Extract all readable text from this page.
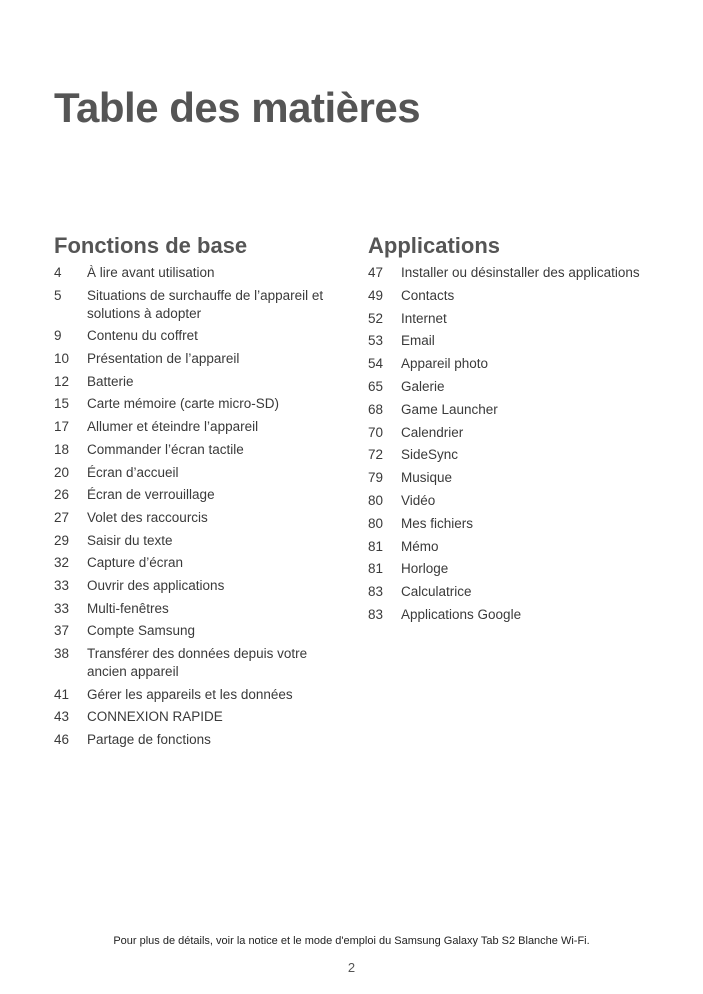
Table des matières
Fonctions de base
4	À lire avant utilisation
5	Situations de surchauffe de l’appareil et solutions à adopter
9	Contenu du coffret
10	Présentation de l’appareil
12	Batterie
15	Carte mémoire (carte micro-SD)
17	Allumer et éteindre l’appareil
18	Commander l’écran tactile
20	Écran d’accueil
26	Écran de verrouillage
27	Volet des raccourcis
29	Saisir du texte
32	Capture d’écran
33	Ouvrir des applications
33	Multi-fenêtres
37	Compte Samsung
38	Transférer des données depuis votre ancien appareil
41	Gérer les appareils et les données
43	CONNEXION RAPIDE
46	Partage de fonctions
Applications
47	Installer ou désinstaller des applications
49	Contacts
52	Internet
53	Email
54	Appareil photo
65	Galerie
68	Game Launcher
70	Calendrier
72	SideSync
79	Musique
80	Vidéo
80	Mes fichiers
81	Mémo
81	Horloge
83	Calculatrice
83	Applications Google
Pour plus de détails, voir la notice et le mode d'emploi du Samsung Galaxy Tab S2 Blanche Wi-Fi.
2
